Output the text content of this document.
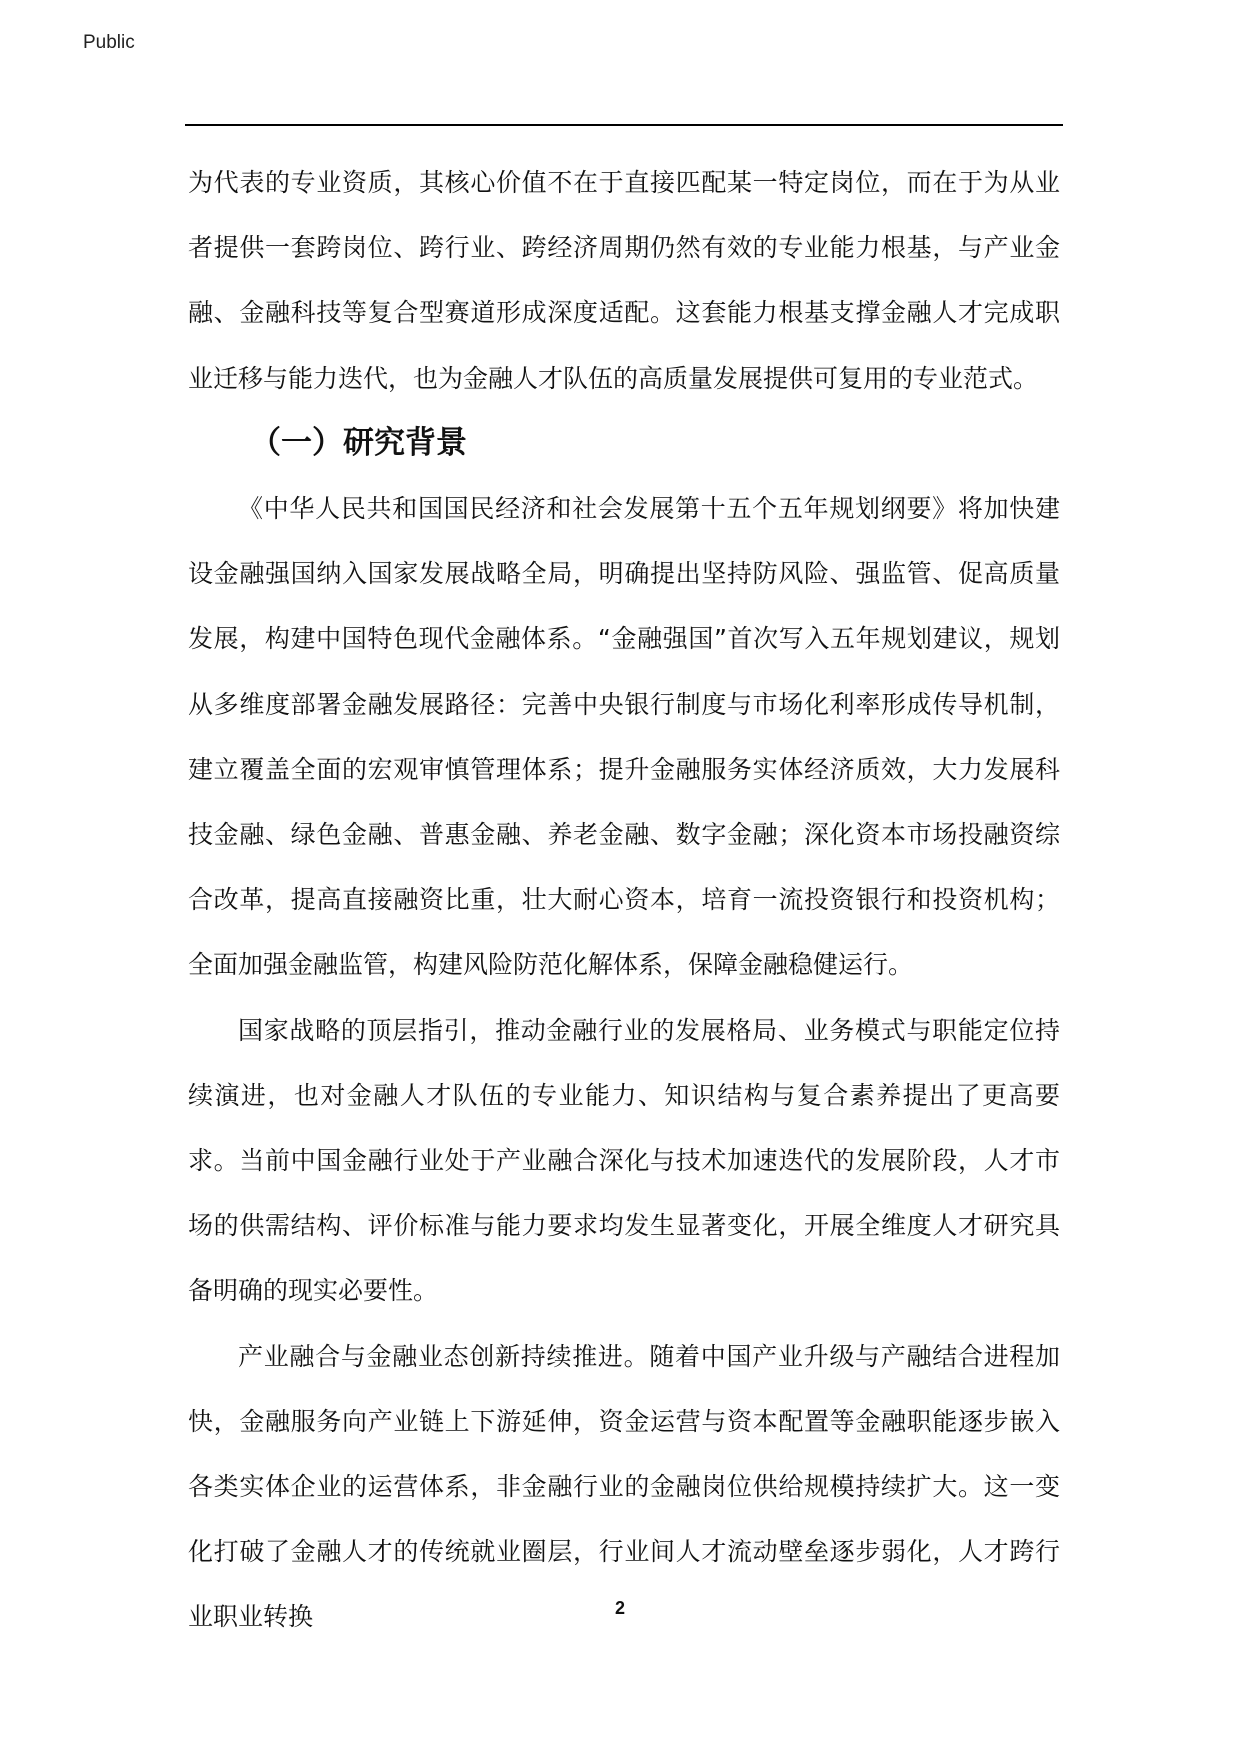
Public

为代表的专业资质，其核心价值不在于直接匹配某一特定岗位，而在于为从业者提供一套跨岗位、跨行业、跨经济周期仍然有效的专业能力根基，与产业金融、金融科技等复合型赛道形成深度适配。这套能力根基支撑金融人才完成职业迁移与能力迭代，也为金融人才队伍的高质量发展提供可复用的专业范式。

（一）研究背景

《中华人民共和国国民经济和社会发展第十五个五年规划纲要》将加快建设金融强国纳入国家发展战略全局，明确提出坚持防风险、强监管、促高质量发展，构建中国特色现代金融体系。“金融强国”首次写入五年规划建议，规划从多维度部署金融发展路径：完善中央银行制度与市场化利率形成传导机制，建立覆盖全面的宏观审慎管理体系；提升金融服务实体经济质效，大力发展科技金融、绿色金融、普惠金融、养老金融、数字金融；深化资本市场投融资综合改革，提高直接融资比重，壮大耐心资本，培育一流投资银行和投资机构；全面加强金融监管，构建风险防范化解体系，保障金融稳健运行。

国家战略的顶层指引，推动金融行业的发展格局、业务模式与职能定位持续演进，也对金融人才队伍的专业能力、知识结构与复合素养提出了更高要求。当前中国金融行业处于产业融合深化与技术加速迭代的发展阶段，人才市场的供需结构、评价标准与能力要求均发生显著变化，开展全维度人才研究具备明确的现实必要性。

产业融合与金融业态创新持续推进。随着中国产业升级与产融结合进程加快，金融服务向产业链上下游延伸，资金运营与资本配置等金融职能逐步嵌入各类实体企业的运营体系，非金融行业的金融岗位供给规模持续扩大。这一变化打破了金融人才的传统就业圈层，行业间人才流动壁垒逐步弱化，人才跨行业职业转换	2
